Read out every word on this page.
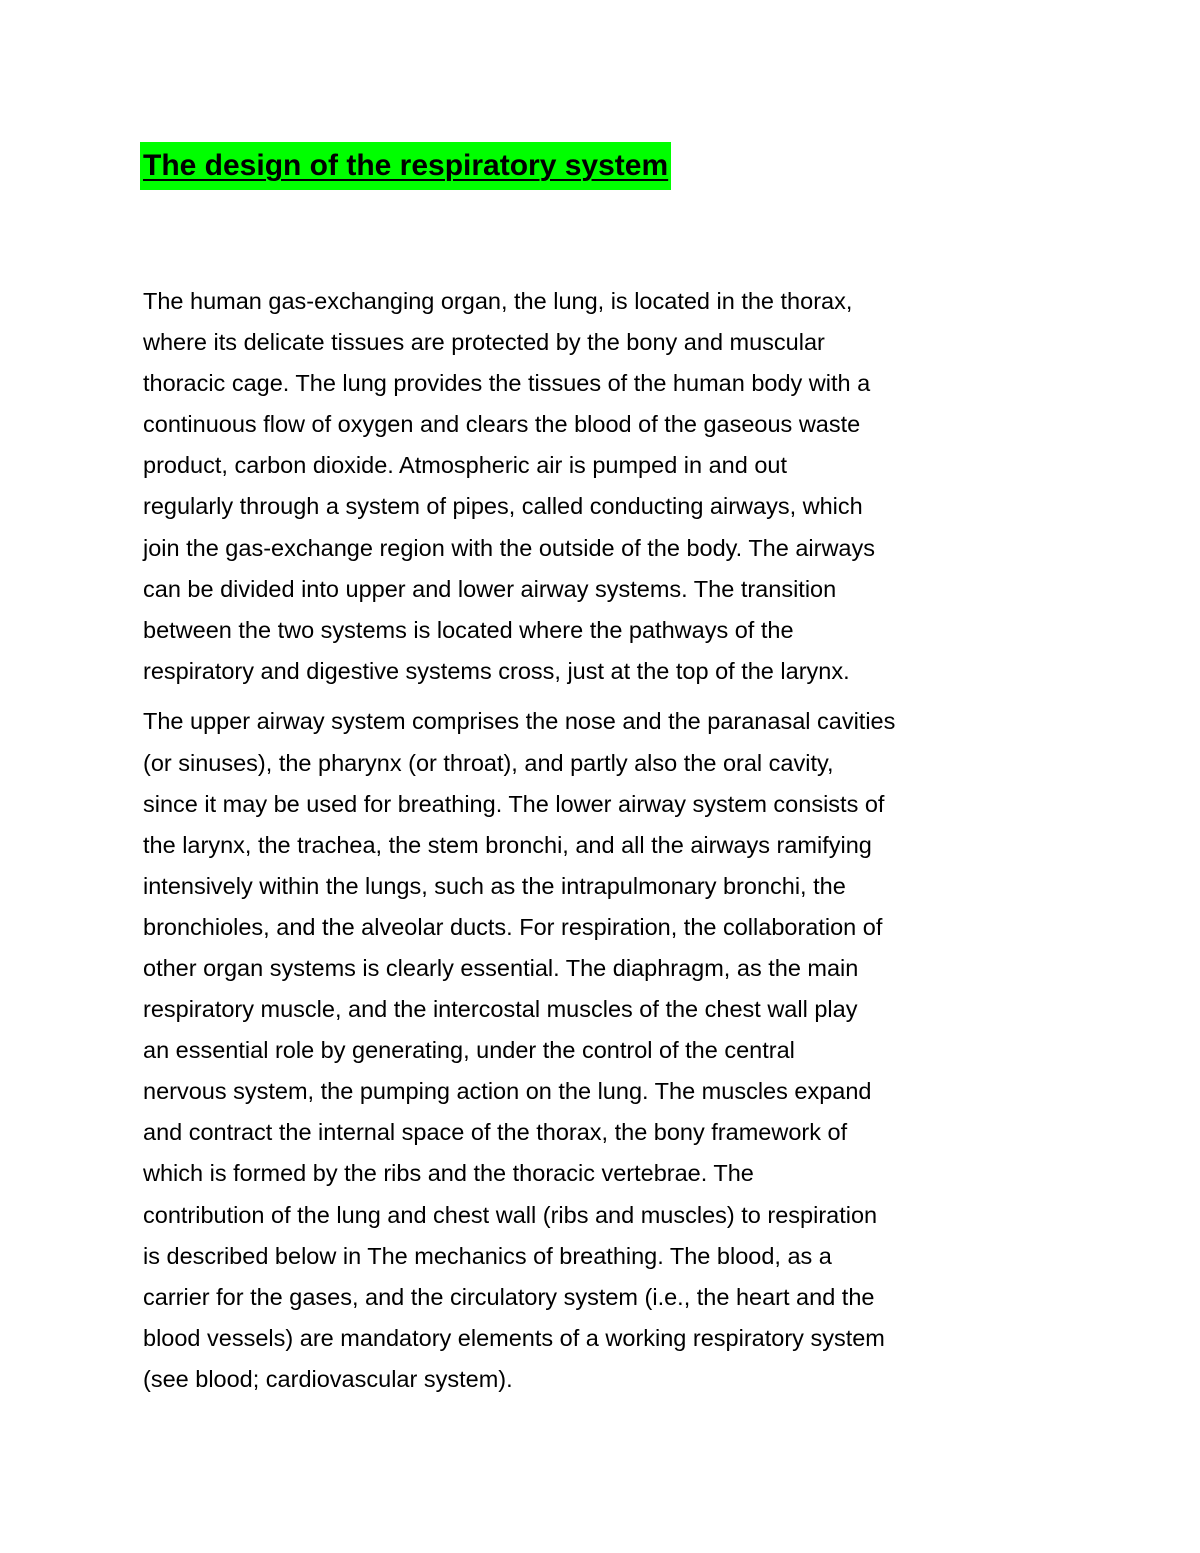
The design of the respiratory system

The human gas-exchanging organ, the lung, is located in the thorax,
where its delicate tissues are protected by the bony and muscular
thoracic cage. The lung provides the tissues of the human body with a
continuous flow of oxygen and clears the blood of the gaseous waste
product, carbon dioxide. Atmospheric air is pumped in and out
regularly through a system of pipes, called conducting airways, which
join the gas-exchange region with the outside of the body. The airways
can be divided into upper and lower airway systems. The transition
between the two systems is located where the pathways of the
respiratory and digestive systems cross, just at the top of the larynx.

The upper airway system comprises the nose and the paranasal cavities
(or sinuses), the pharynx (or throat), and partly also the oral cavity,
since it may be used for breathing. The lower airway system consists of
the larynx, the trachea, the stem bronchi, and all the airways ramifying
intensively within the lungs, such as the intrapulmonary bronchi, the
bronchioles, and the alveolar ducts. For respiration, the collaboration of
other organ systems is clearly essential. The diaphragm, as the main
respiratory muscle, and the intercostal muscles of the chest wall play
an essential role by generating, under the control of the central
nervous system, the pumping action on the lung. The muscles expand
and contract the internal space of the thorax, the bony framework of
which is formed by the ribs and the thoracic vertebrae. The
contribution of the lung and chest wall (ribs and muscles) to respiration
is described below in The mechanics of breathing. The blood, as a
carrier for the gases, and the circulatory system (i.e., the heart and the
blood vessels) are mandatory elements of a working respiratory system
(see blood; cardiovascular system).
